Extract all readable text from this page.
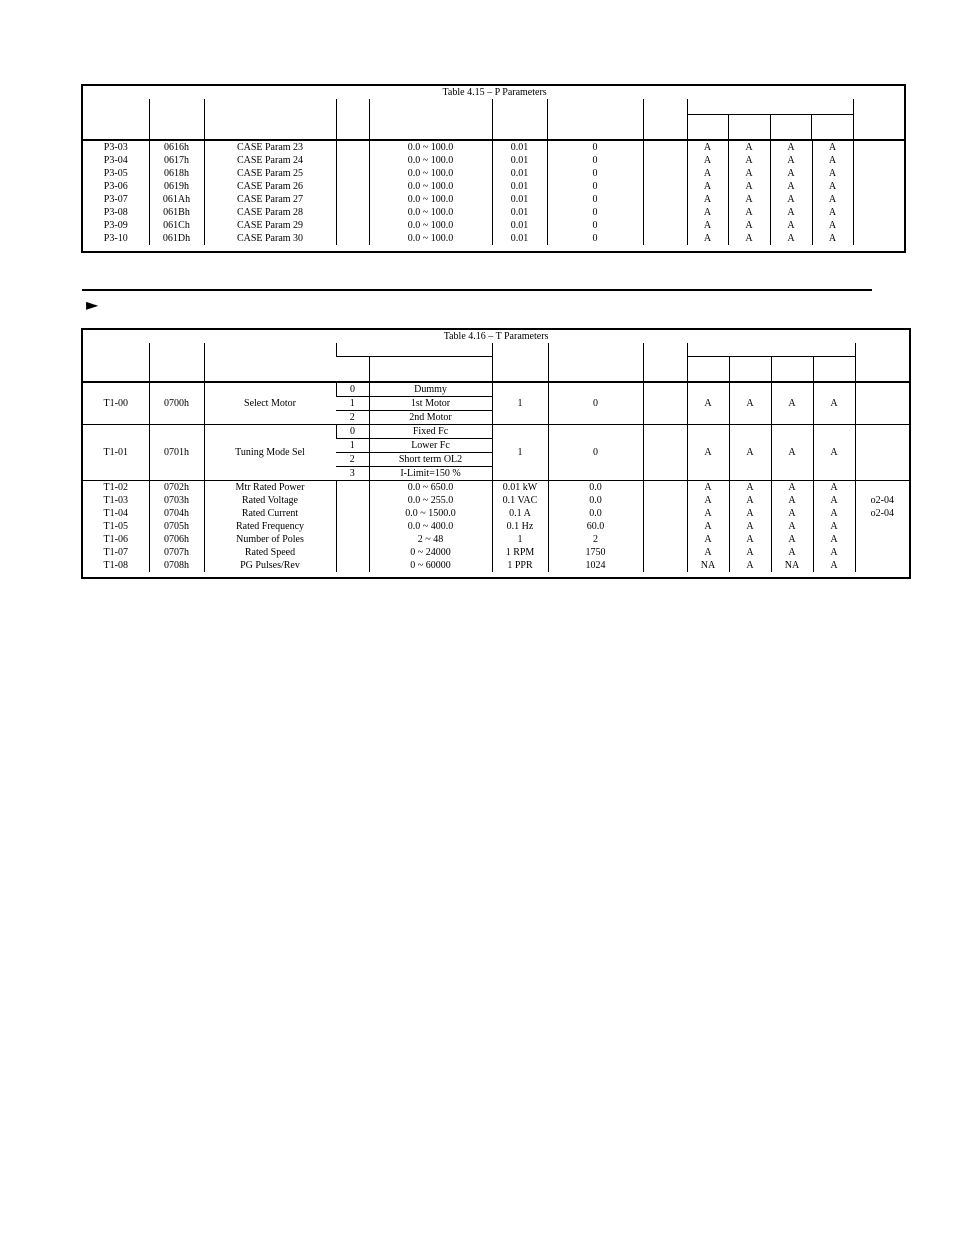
Table 4.15 – P Parameters												

P3-03	0616h	CASE Param 23		0.0 ~ 100.0	0.01	0		A	A	A	A	
P3-04	0617h	CASE Param 24		0.0 ~ 100.0	0.01	0		A	A	A	A	
P3-05	0618h	CASE Param 25		0.0 ~ 100.0	0.01	0		A	A	A	A	
P3-06	0619h	CASE Param 26		0.0 ~ 100.0	0.01	0		A	A	A	A	
P3-07	061Ah	CASE Param 27		0.0 ~ 100.0	0.01	0		A	A	A	A	
P3-08	061Bh	CASE Param 28		0.0 ~ 100.0	0.01	0		A	A	A	A	
P3-09	061Ch	CASE Param 29		0.0 ~ 100.0	0.01	0		A	A	A	A	
P3-10	061Dh	CASE Param 30		0.0 ~ 100.0	0.01	0		A	A	A	A	
►
Table 4.16 – T Parameters												

T1-00	0700h	Select Motor	0	Dummy	1	0		A	A	A	A	
			1	1st Motor								
			2	2nd Motor								
T1-01	0701h	Tuning Mode Sel	0	Fixed Fc	1	0		A	A	A	A	
			1	Lower Fc								
			2	Short term OL2								
			3	I-Limit=150 %								
T1-02	0702h	Mtr Rated Power		0.0 ~ 650.0	0.01 kW	0.0		A	A	A	A	
T1-03	0703h	Rated Voltage		0.0 ~ 255.0	0.1 VAC	0.0		A	A	A	A	o2-04
T1-04	0704h	Rated Current		0.0 ~ 1500.0	0.1 A	0.0		A	A	A	A	o2-04
T1-05	0705h	Rated Frequency		0.0 ~ 400.0	0.1 Hz	60.0		A	A	A	A	
T1-06	0706h	Number of Poles		2 ~ 48	1	2		A	A	A	A	
T1-07	0707h	Rated Speed		0 ~ 24000	1 RPM	1750		A	A	A	A	
T1-08	0708h	PG Pulses/Rev		0 ~ 60000	1 PPR	1024		NA	A	NA	A	
